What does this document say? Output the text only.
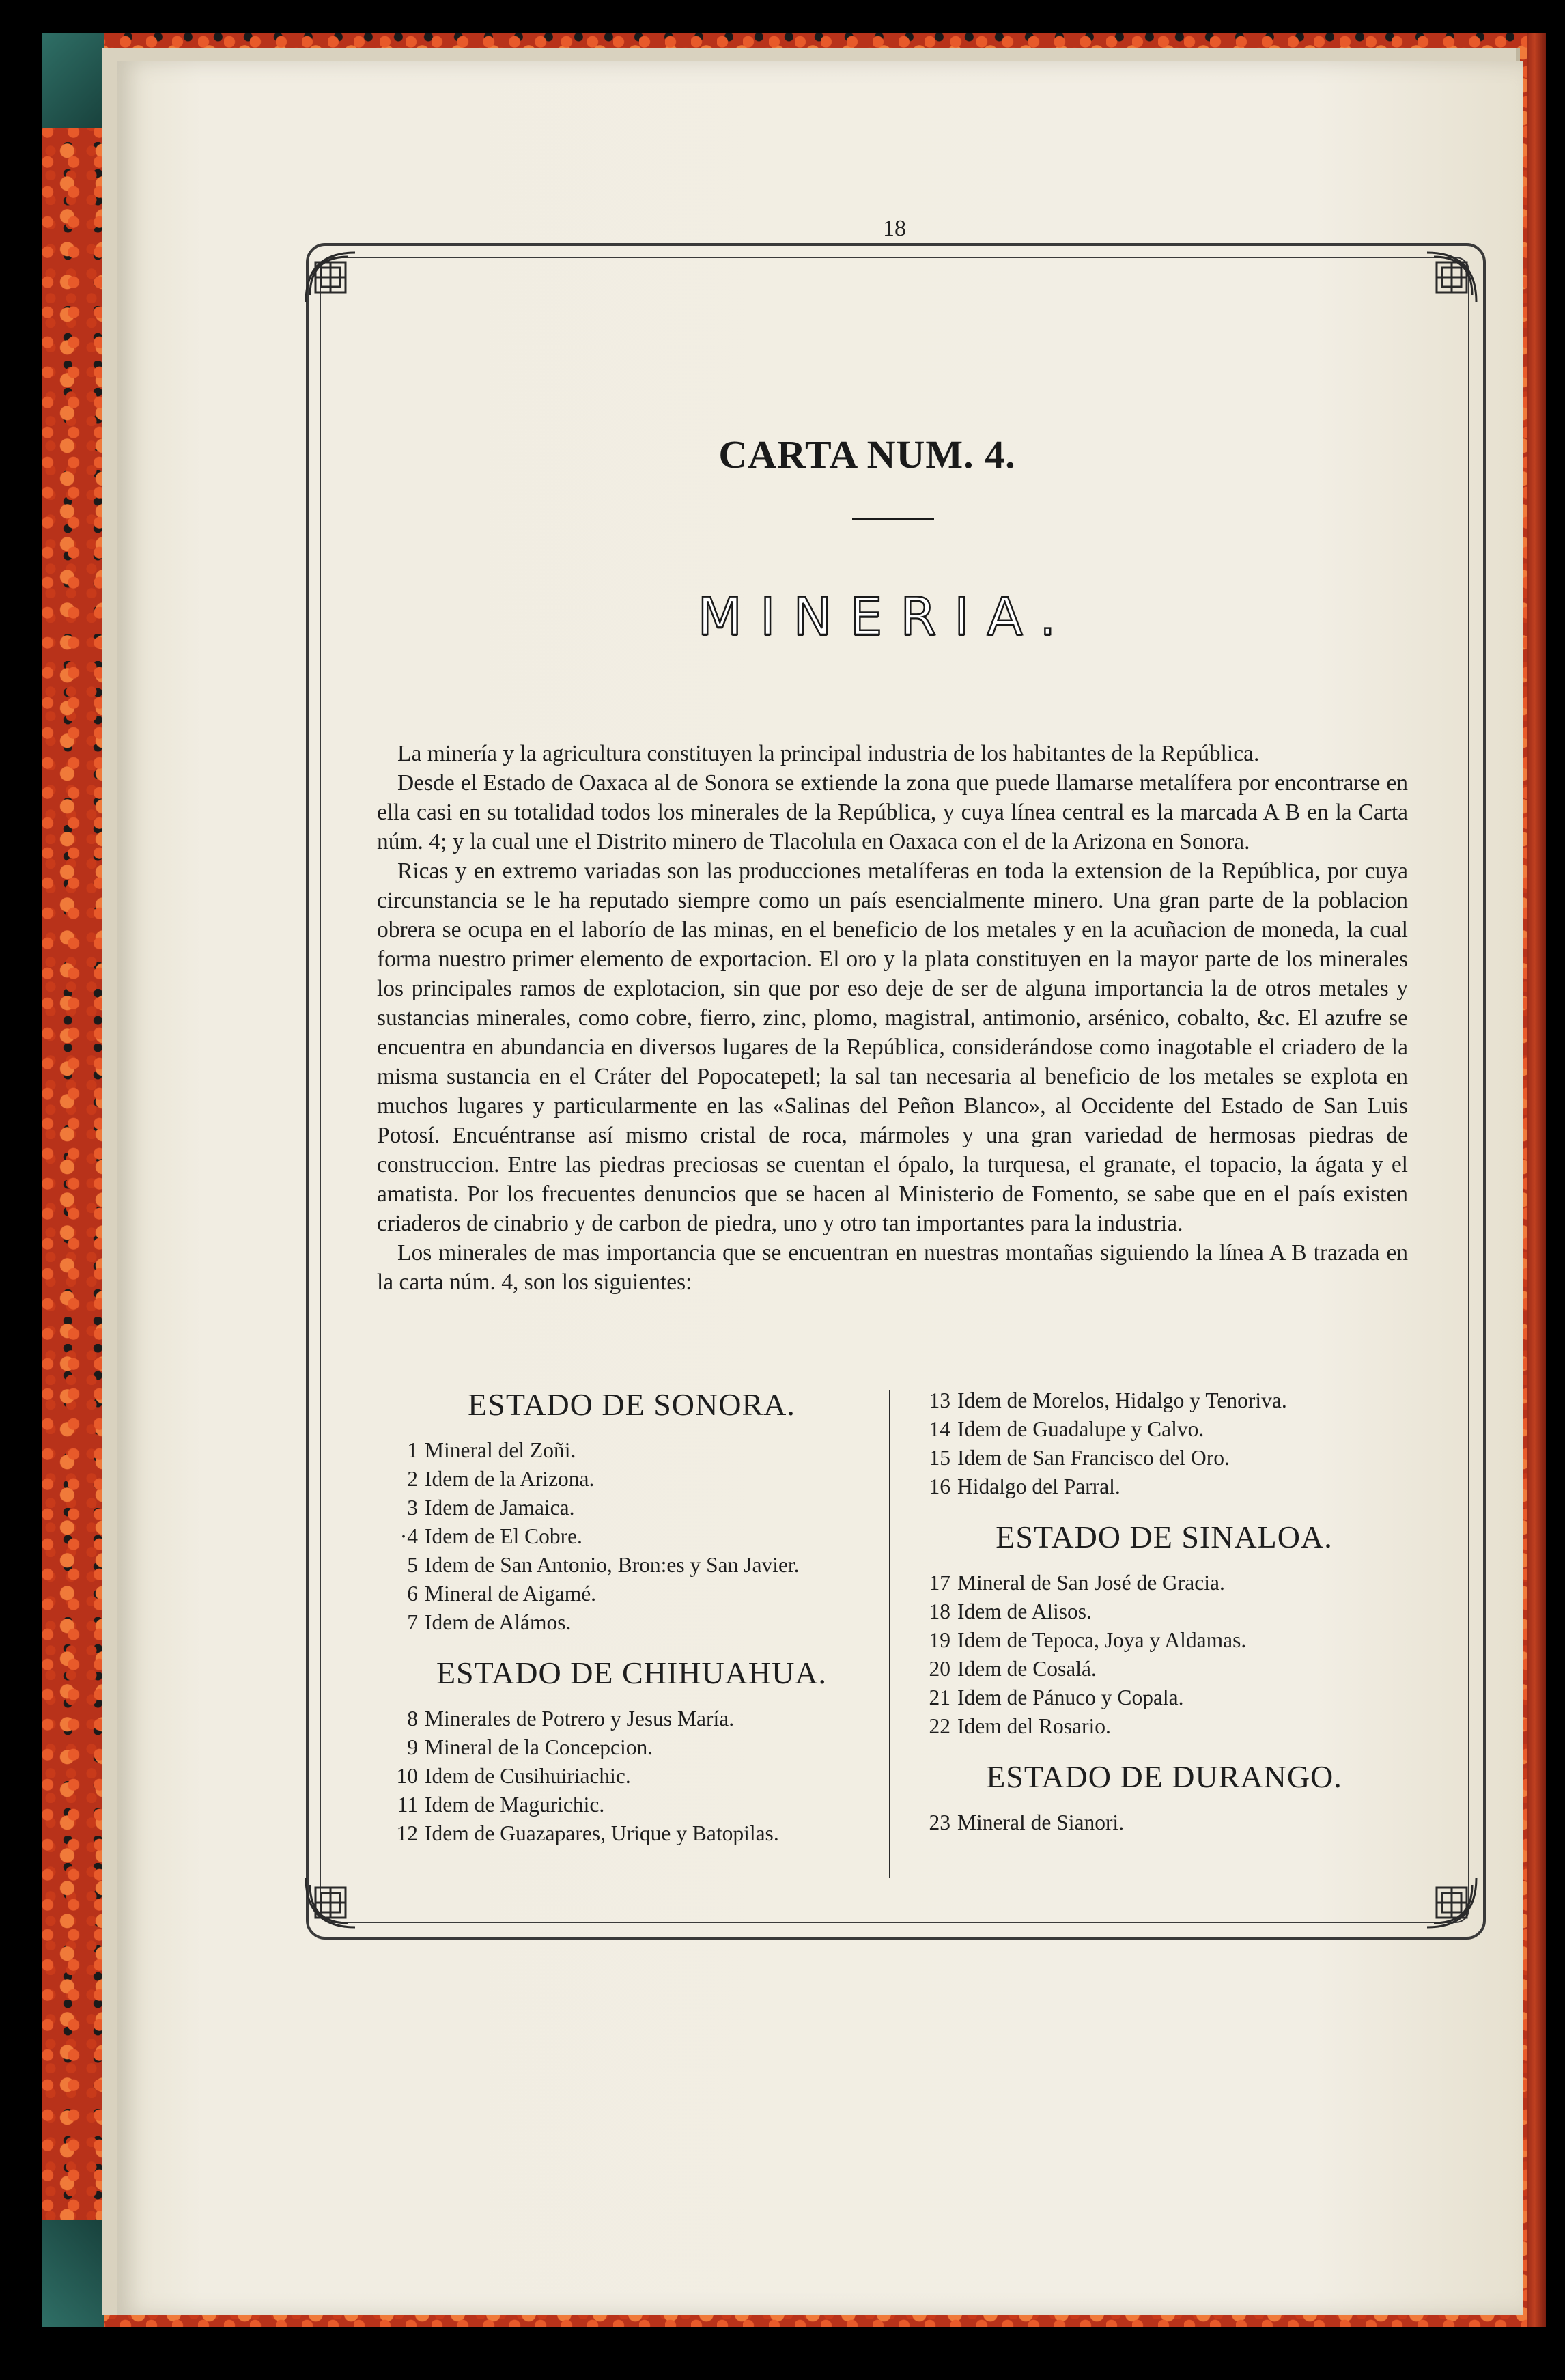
18
CARTA NUM. 4.
MINERIA.

La minería y la agricultura constituyen la principal industria de los habitantes de la República.

Desde el Estado de Oaxaca al de Sonora se extiende la zona que puede llamarse metalífera por encontrarse en ella casi en su totalidad todos los minerales de la República, y cuya línea central es la marcada A B en la Carta núm. 4; y la cual une el Distrito minero de Tlacolula en Oaxaca con el de la Arizona en Sonora.

Ricas y en extremo variadas son las producciones metalíferas en toda la extension de la República, por cuya circunstancia se le ha reputado siempre como un país esencialmente minero. Una gran parte de la poblacion obrera se ocupa en el laborío de las minas, en el beneficio de los metales y en la acuñacion de moneda, la cual forma nuestro primer elemento de exportacion. El oro y la plata constituyen en la mayor parte de los minerales los principales ramos de explotacion, sin que por eso deje de ser de alguna importancia la de otros metales y sustancias minerales, como cobre, fierro, zinc, plomo, magistral, antimonio, arsénico, cobalto, &c. El azufre se encuentra en abundancia en diversos lugares de la República, considerándose como inagotable el criadero de la misma sustancia en el Cráter del Popocatepetl; la sal tan necesaria al beneficio de los metales se explota en muchos lugares y particularmente en las «Salinas del Peñon Blanco», al Occidente del Estado de San Luis Potosí. Encuéntranse así mismo cristal de roca, mármoles y una gran variedad de hermosas piedras de construccion. Entre las piedras preciosas se cuentan el ópalo, la turquesa, el granate, el topacio, la ágata y el amatista. Por los frecuentes denuncios que se hacen al Ministerio de Fomento, se sabe que en el país existen criaderos de cinabrio y de carbon de piedra, uno y otro tan importantes para la industria.

Los minerales de mas importancia que se encuentran en nuestras montañas siguiendo la línea A B trazada en la carta núm. 4, son los siguientes:

ESTADO DE SONORA.
1 Mineral del Zoñi.
2 Idem de la Arizona.
3 Idem de Jamaica.
·4 Idem de El Cobre.
5 Idem de San Antonio, Bron:es y San Javier.
6 Mineral de Aigamé.
7 Idem de Alámos.
ESTADO DE CHIHUAHUA.
8 Minerales de Potrero y Jesus María.
9 Mineral de la Concepcion.
10 Idem de Cusihuiriachic.
11 Idem de Magurichic.
12 Idem de Guazapares, Urique y Batopilas.
13 Idem de Morelos, Hidalgo y Tenoriva.
14 Idem de Guadalupe y Calvo.
15 Idem de San Francisco del Oro.
16 Hidalgo del Parral.
ESTADO DE SINALOA.
17 Mineral de San José de Gracia.
18 Idem de Alisos.
19 Idem de Tepoca, Joya y Aldamas.
20 Idem de Cosalá.
21 Idem de Pánuco y Copala.
22 Idem del Rosario.
ESTADO DE DURANGO.
23 Mineral de Sianori.
